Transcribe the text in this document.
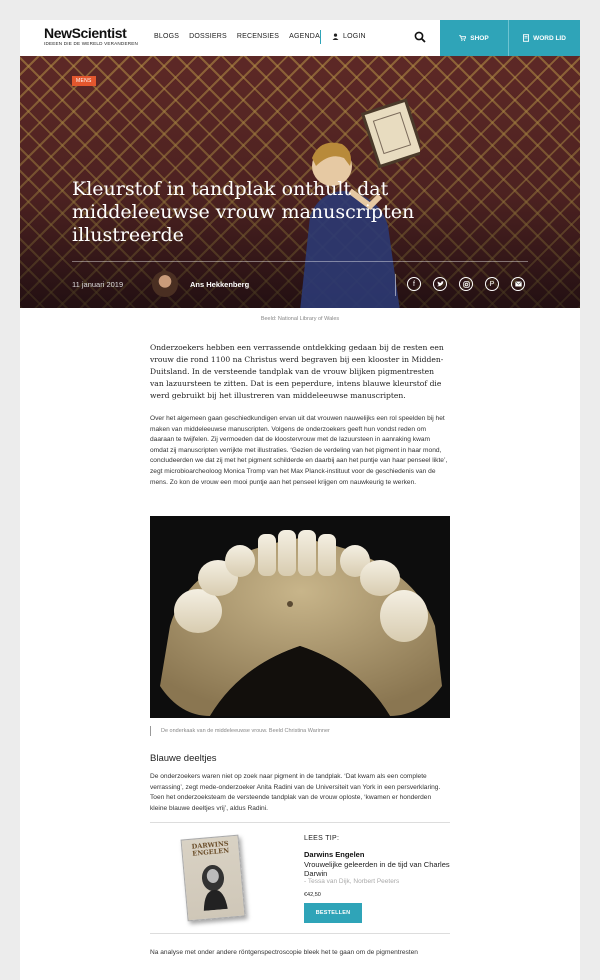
NewScientist
IDEEEN DIE DE WERELD VERANDEREN
BLOGS DOSSIERS RECENSIES AGENDA	LOGIN	SHOP	WORD LID
MENS
Kleurstof in tandplak onthult dat middeleeuwse vrouw manuscripten illustreerde
11 januari 2019	Ans Hekkenberg	f	P
Beeld: National Library of Wales

Onderzoekers hebben een verrassende ontdekking gedaan bij de resten een vrouw die rond 1100 na Christus werd begraven bij een klooster in Midden-Duitsland. In de versteende tandplak van de vrouw blijken pigmentresten van lazuursteen te zitten. Dat is een peperdure, intens blauwe kleurstof die werd gebruikt bij het illustreren van middeleeuwse manuscripten.

Over het algemeen gaan geschiedkundigen ervan uit dat vrouwen nauwelijks een rol speelden bij het maken van middeleeuwse manuscripten. Volgens de onderzoekers geeft hun vondst reden om daaraan te twijfelen. Zij vermoeden dat de kloostervrouw met de lazuursteen in aanraking kwam omdat zij manuscripten verrijkte met illustraties. ‘Gezien de verdeling van het pigment in haar mond, concludeerden we dat zij met het pigment schilderde en daarbij aan het puntje van haar penseel likte’, zegt microbioarcheoloog Monica Tromp van het Max Planck-instituut voor de geschiedenis van de mens. Zo kon de vrouw een mooi puntje aan het penseel krijgen om nauwkeurig te werken.

De onderkaak van de middeleeuwse vrouw. Beeld Christina Warinner
Blauwe deeltjes

De onderzoekers waren niet op zoek naar pigment in de tandplak. ‘Dat kwam als een complete verrassing’, zegt mede-onderzoeker Anita Radini van de Universiteit van York in een persverklaring. Toen het onderzoeksteam de versteende tandplak van de vrouw oploste, ‘kwamen er honderden kleine blauwe deeltjes vrij’, aldus Radini.

DARWINS ENGELEN
LEES TIP:
Darwins Engelen
Vrouwelijke geleerden in de tijd van Charles Darwin
- Tessa van Dijk, Norbert Peeters
€42,50
BESTELLEN

Na analyse met onder andere röntgenspectroscopie bleek het te gaan om de pigmentresten
